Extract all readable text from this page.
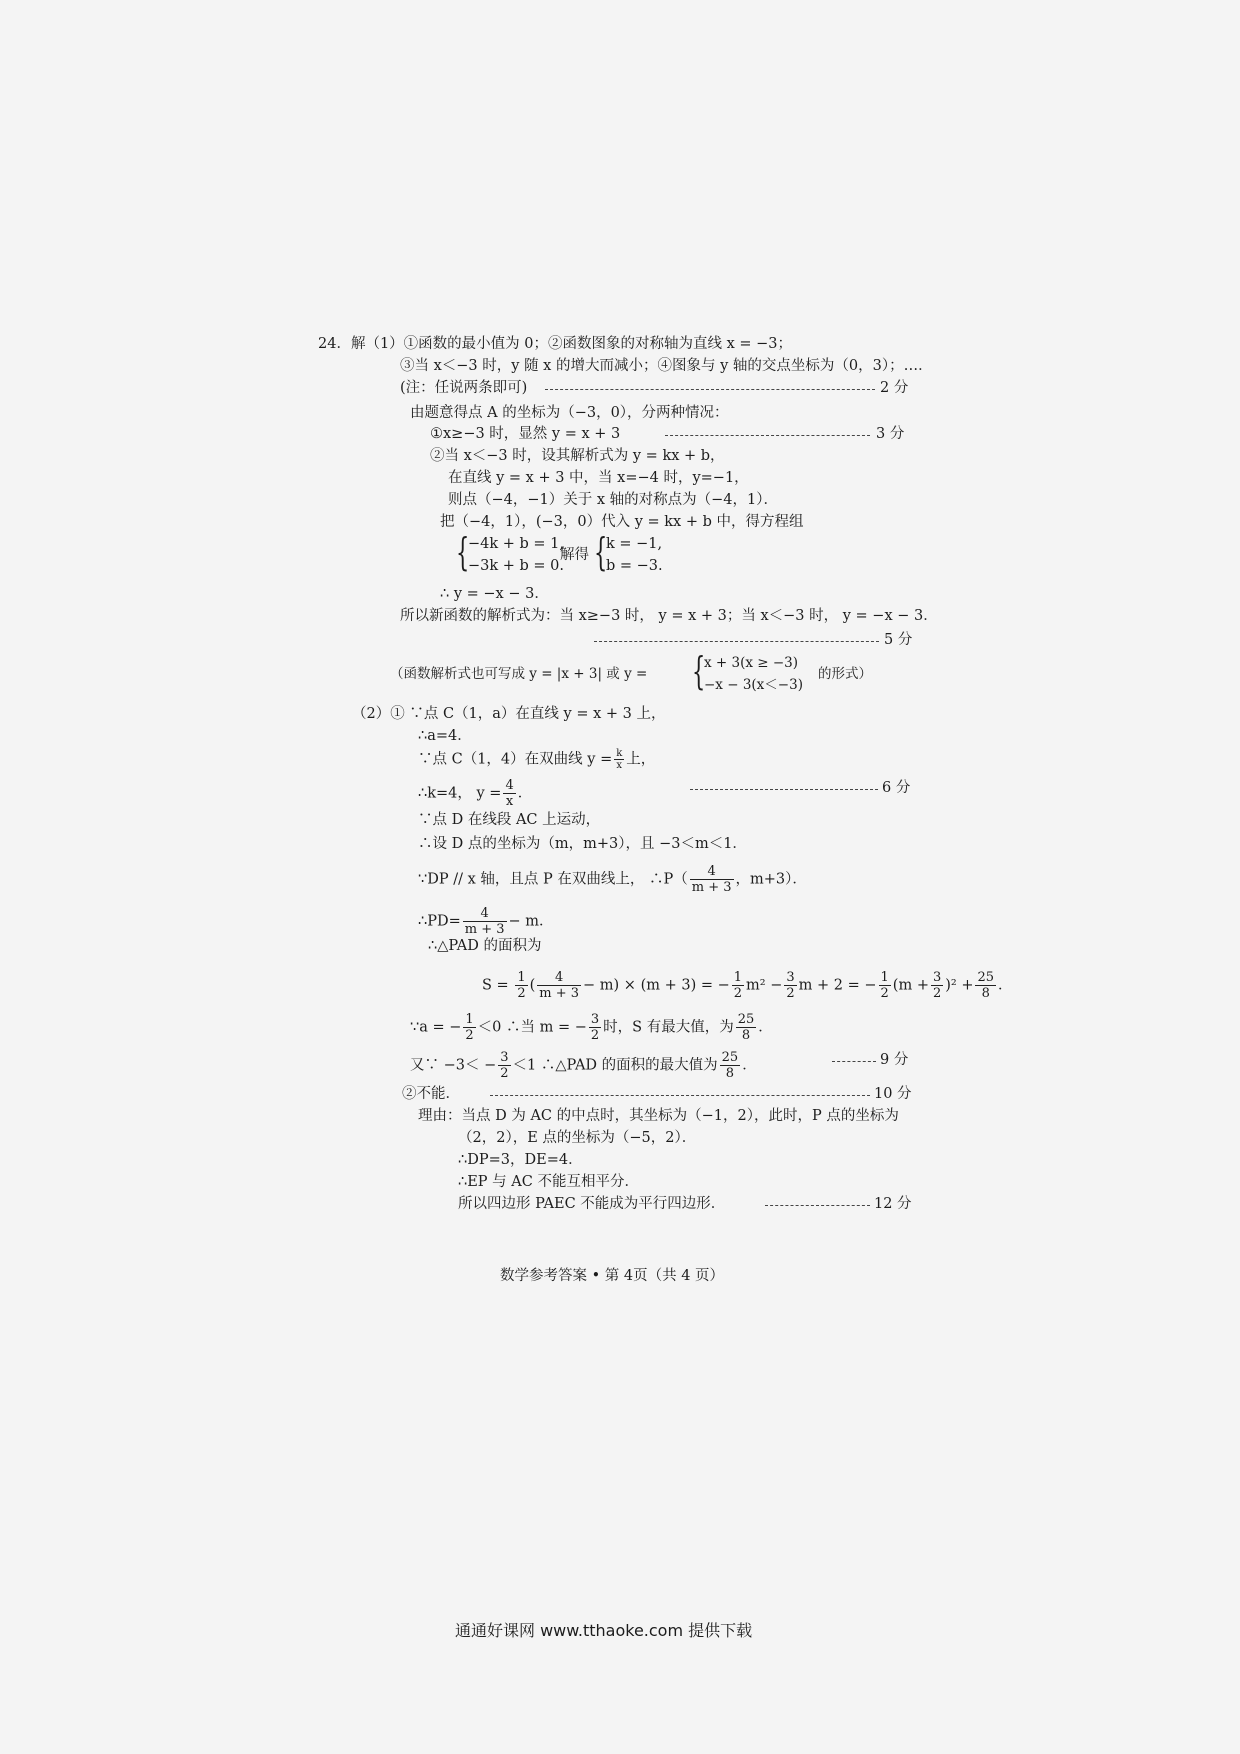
24．解（1）①函数的最小值为 0；②函数图象的对称轴为直线 x = −3；
③当 x＜−3 时，y 随 x 的增大而减小；④图象与 y 轴的交点坐标为（0，3）；…．
(注：任说两条即可)	2 分
由题意得点 A 的坐标为（−3，0），分两种情况：
①x≥−3 时，显然 y = x + 3	3 分
②当 x＜−3 时，设其解析式为 y = kx + b，
在直线 y = x + 3 中，当 x=−4 时，y=−1，
则点（−4，−1）关于 x 轴的对称点为（−4，1）．
把（−4，1），(−3，0）代入 y = kx + b 中，得方程组
{
−4k + b = 1,
−3k + b = 0.
解得 {
k = −1,
b = −3.
∴ y = −x − 3．
所以新函数的解析式为：当 x≥−3 时， y = x + 3；当 x＜−3 时， y = −x − 3．
5 分
（函数解析式也可写成 y = |x + 3| 或 y = {
x + 3(x ≥ −3)
−x − 3(x＜−3)
的形式）
（2）① ∵点 C（1，a）在直线 y = x + 3 上，
∴a=4．
∵点 C（1，4）在双曲线 $y = \frac{k}{x}$ 上，
∴k=4， $y = \frac{4}{x}$ ．	6 分
∵点 D 在线段 AC 上运动，
∴设 D 点的坐标为（m，m+3），且 −3＜m＜1．
∵DP // x 轴，且点 P 在双曲线上， ∴P（ $\frac{4}{m + 3}$ ，m+3）．
∴PD= $\frac{4}{m + 3} - m$．
∴△PAD 的面积为
$S = \frac{1}{2}$ ( $\frac{4}{m + 3} - m) \times (m + 3)$ = − $\frac{1}{2} m^2 - \frac{3}{2}$ m + 2 = − $\frac{1}{2} (m + \frac{3}{2} )^2 + \frac{25}{8}$ ．
∵a = − $\frac{1}{2} <0$ ∴当 m = − $\frac{3}{2}$ 时，S 有最大值，为 $\frac{25}{8}$ ．
又∵ $-3< - \frac{3}{2} <1$ ∴△PAD 的面积的最大值为 $\frac{25}{8}$ ．	9 分
②不能．	10 分
理由：当点 D 为 AC 的中点时，其坐标为（−1，2），此时，P 点的坐标为
（2，2），E 点的坐标为（−5，2）．
∴DP=3，DE=4．
∴EP 与 AC 不能互相平分．
所以四边形 PAEC 不能成为平行四边形．	12 分
数学参考答案 • 第 4页（共 4 页）
通通好课网 www.tthaoke.com 提供下载
